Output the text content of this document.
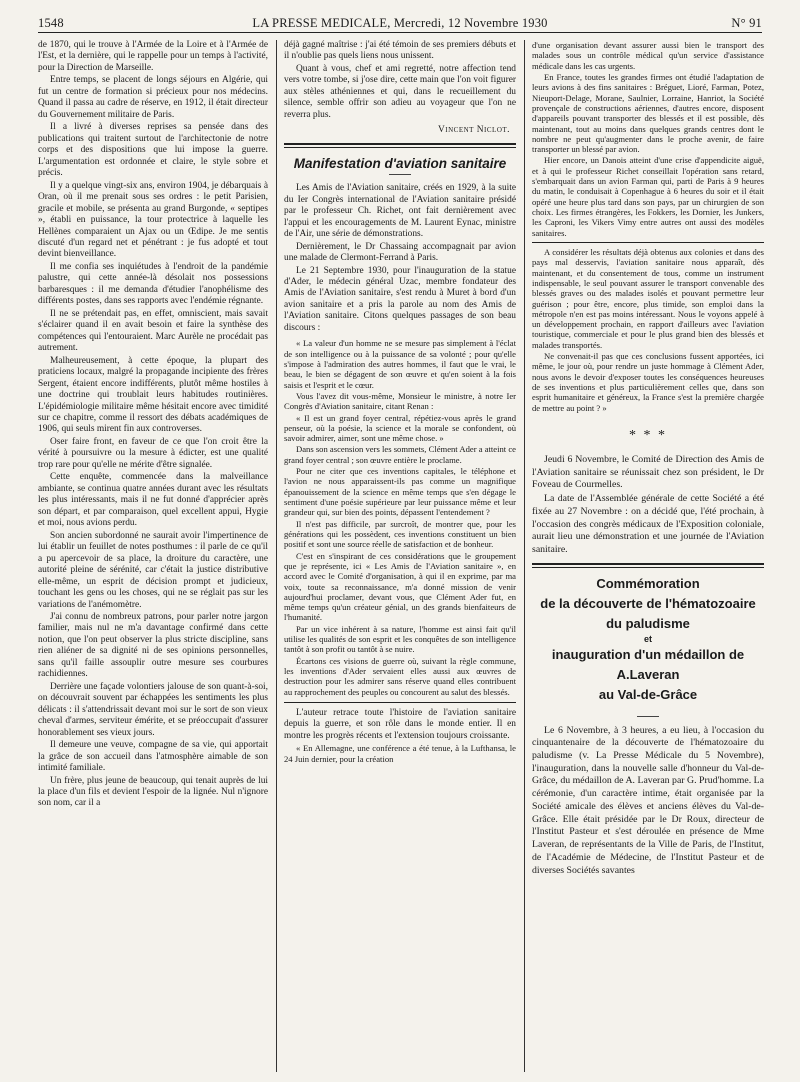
1548	LA PRESSE MEDICALE, Mercredi, 12 Novembre 1930	N° 91

de 1870, qui le trouve à l'Armée de la Loire et à l'Armée de l'Est, et la dernière, qui le rappelle pour un temps à l'activité, pour la Direction de Marseille.

Entre temps, se placent de longs séjours en Algérie, qui fut un centre de formation si précieux pour nos médecins. Quand il passa au cadre de réserve, en 1912, il était directeur du Gouvernement militaire de Paris.

Il a livré à diverses reprises sa pensée dans des publications qui traitent surtout de l'architectonie de notre corps et des dispositions que lui impose la guerre. L'argumentation est ordonnée et claire, le style sobre et précis.

Il y a quelque vingt-six ans, environ 1904, je débarquais à Oran, où il me prenait sous ses ordres : le petit Parisien, gracile et mobile, se présenta au grand Burgonde, « septipes », établi en puissance, la tour protectrice à laquelle les Hellènes comparaient un Ajax ou un Œdipe. Je me sentis discuté d'un regard net et pénétrant : je fus adopté et tout devint bienveillance.

Il me confia ses inquiétudes à l'endroit de la pandémie palustre, qui cette année-là désolait nos possessions barbaresques : il me demanda d'étudier l'anophélisme des différents postes, dans ses rapports avec l'endémie régnante.

Il ne se prétendait pas, en effet, omniscient, mais savait s'éclairer quand il en avait besoin et faire la synthèse des compétences qui l'entouraient. Marc Aurèle ne procédait pas autrement.

Malheureusement, à cette époque, la plupart des praticiens locaux, malgré la propagande incipiente des frères Sergent, étaient encore indifférents, plutôt même hostiles à une doctrine qui troublait leurs habitudes routinières. L'épidémiologie militaire même hésitait encore avec timidité sur ce chapitre, comme il ressort des débats académiques de 1906, qui seuls mirent fin aux controverses.

Oser faire front, en faveur de ce que l'on croit être la vérité à poursuivre ou la mesure à édicter, est une qualité trop rare pour qu'elle ne mérite d'être signalée.

Cette enquête, commencée dans la malveillance ambiante, se continua quatre années durant avec les résultats les plus intéressants, mais il ne fut donné d'apprécier après son départ, et par comparaison, quel excellent appui, Hygie et moi, nous avions perdu.

Son ancien subordonné ne saurait avoir l'impertinence de lui établir un feuillet de notes posthumes : il parle de ce qu'il a pu apercevoir de sa place, la droiture du caractère, une autorité pleine de sérénité, car c'était la justice distributive elle-même, un esprit de décision prompt et judicieux, touchant les gens ou les choses, qui ne se réglait pas sur les variations de l'anémomètre.

J'ai connu de nombreux patrons, pour parler notre jargon familier, mais nul ne m'a davantage confirmé dans cette notion, que l'on peut observer la plus stricte discipline, sans rien aliéner de sa dignité ni de ses opinions personnelles, sans qu'il faille assouplir outre mesure ses courbures rachidiennes.

Derrière une façade volontiers jalouse de son quant-à-soi, on découvrait souvent par échappées les sentiments les plus délicats : il s'attendrissait devant moi sur le sort de son vieux cheval d'armes, serviteur émérite, et se préoccupait d'assurer honorablement ses vieux jours.

Il demeure une veuve, compagne de sa vie, qui apportait la grâce de son accueil dans l'atmosphère aimable de son intimité familiale.

Un frère, plus jeune de beaucoup, qui tenait auprès de lui la place d'un fils et devient l'espoir de la lignée. Nul n'ignore son nom, car il a

déjà gagné maîtrise : j'ai été témoin de ses premiers débuts et il n'oublie pas quels liens nous unissent.

Quant à vous, chef et ami regretté, notre affection tend vers votre tombe, si j'ose dire, cette main que l'on voit figurer aux stèles athéniennes et qui, dans le recueillement du silence, semble offrir son adieu au voyageur que l'on ne reverra plus.

Vincent Niclot.
Manifestation d'aviation sanitaire

Les Amis de l'Aviation sanitaire, créés en 1929, à la suite du Ier Congrès international de l'Aviation sanitaire présidé par le professeur Ch. Richet, ont fait dernièrement avec l'appui et les encouragements de M. Laurent Eynac, ministre de l'Air, une série de démonstrations.

Dernièrement, le Dr Chassaing accompagnait par avion une malade de Clermont-Ferrand à Paris.

Le 21 Septembre 1930, pour l'inauguration de la statue d'Ader, le médecin général Uzac, membre fondateur des Amis de l'Aviation sanitaire, s'est rendu à Muret à bord d'un avion sanitaire et a pris la parole au nom des Amis de l'Aviation sanitaire. Citons quelques passages de son beau discours :

« La valeur d'un homme ne se mesure pas simplement à l'éclat de son intelligence ou à la puissance de sa volonté ; pour qu'elle s'impose à l'admiration des autres hommes, il faut que le vrai, le beau, le bien se dégagent de son œuvre et qu'en soient à la fois saisis et l'esprit et le cœur.

Vous l'avez dit vous-même, Monsieur le ministre, à notre Ier Congrès d'Aviation sanitaire, citant Renan :

« Il est un grand foyer central, répétiez-vous après le grand penseur, où la poésie, la science et la morale se confondent, où savoir admirer, aimer, sont une même chose. »

Dans son ascension vers les sommets, Clément Ader a atteint ce grand foyer central ; son œuvre entière le proclame.

Pour ne citer que ces inventions capitales, le téléphone et l'avion ne nous apparaissent-ils pas comme un magnifique épanouissement de la science en même temps que s'en dégage le sentiment d'une poésie supérieure par leur puissance même et leur grandeur qui, sur bien des points, dépassent l'entendement ?

Il n'est pas difficile, par surcroît, de montrer que, pour les générations qui les possèdent, ces inventions constituent un bien positif et sont une source réelle de satisfaction et de bonheur.

C'est en s'inspirant de ces considérations que le groupement que je représente, ici « Les Amis de l'Aviation sanitaire », en accord avec le Comité d'organisation, à qui il en exprime, par ma voix, toute sa reconnaissance, m'a donné mission de venir aujourd'hui proclamer, devant vous, que Clément Ader fut, en même temps qu'un créateur génial, un des grands bienfaiteurs de l'humanité.

Par un vice inhérent à sa nature, l'homme est ainsi fait qu'il utilise les qualités de son esprit et les conquêtes de son intelligence tantôt à son profit ou tantôt à se nuire.

Écartons ces visions de guerre où, suivant la règle commune, les inventions d'Ader servaient elles aussi aux œuvres de destruction pour les admirer sans réserve quand elles contribuent au rapprochement des peuples ou concourent au salut des blessés.

L'auteur retrace toute l'histoire de l'aviation sanitaire depuis la guerre, et son rôle dans le monde entier. Il en montre les progrès récents et l'extension toujours croissante.

« En Allemagne, une conférence a été tenue, à la Lufthansa, le 24 Juin dernier, pour la création

d'une organisation devant assurer aussi bien le transport des malades sous un contrôle médical qu'un service d'assistance médicale dans les cas urgents.

En France, toutes les grandes firmes ont étudié l'adaptation de leurs avions à des fins sanitaires : Bréguet, Lioré, Farman, Potez, Nieuport-Delage, Morane, Saulnier, Lorraine, Hanriot, la Société provençale de constructions aériennes, d'autres encore, disposent d'appareils pouvant transporter des blessés et il est possible, dès maintenant, tout au moins dans quelques grands centres dont le nombre ne peut qu'augmenter dans le proche avenir, de faire transporter un blessé par avion.

Hier encore, un Danois atteint d'une crise d'appendicite aiguë, et à qui le professeur Richet conseillait l'opération sans retard, s'embarquait dans un avion Farman qui, parti de Paris à 9 heures du matin, le conduisait à Copenhague à 6 heures du soir et il était opéré une heure plus tard dans son pays, par un chirurgien de son choix. Les firmes étrangères, les Fokkers, les Dornier, les Junkers, les Caproni, les Vikers Vimy entre autres ont aussi des modèles sanitaires.

A considérer les résultats déjà obtenus aux colonies et dans des pays mal desservis, l'aviation sanitaire nous apparaît, dès maintenant, et du consentement de tous, comme un instrument indispensable, le seul pouvant assurer le transport convenable des blessés graves ou des malades isolés et pouvant permettre leur guérison ; pour être, encore, plus timide, son emploi dans la métropole n'en est pas moins intéressant. Nous le voyons appelé à un développement prochain, en rapport d'ailleurs avec l'aviation touristique, commerciale et pour le plus grand bien des blessés et malades transportés.

Ne convenait-il pas que ces conclusions fussent apportées, ici même, le jour où, pour rendre un juste hommage à Clément Ader, nous avons le devoir d'exposer toutes les conséquences heureuses de ses inventions et plus particulièrement celles que, dans son esprit humanitaire et généreux, la France s'est la première chargée de mettre au point ? »

* * *

Jeudi 6 Novembre, le Comité de Direction des Amis de l'Aviation sanitaire se réunissait chez son président, le Dr Foveau de Courmelles.

La date de l'Assemblée générale de cette Société a été fixée au 27 Novembre : on a décidé que, l'été prochain, à l'occasion des congrès médicaux de l'Exposition coloniale, aurait lieu une démonstration et une journée de l'Aviation sanitaire.

Commémoration
de la découverte de l'hématozoaire
du paludisme
et
inauguration d'un médaillon de A.Laveran
au Val-de-Grâce

Le 6 Novembre, à 3 heures, a eu lieu, à l'occasion du cinquantenaire de la découverte de l'hématozoaire du paludisme (v. La Presse Médicale du 5 Novembre), l'inauguration, dans la nouvelle salle d'honneur du Val-de-Grâce, du médaillon de A. Laveran par G. Prud'homme. La cérémonie, d'un caractère intime, était organisée par la Société amicale des élèves et anciens élèves du Val-de-Grâce. Elle était présidée par le Dr Roux, directeur de l'Institut Pasteur et s'est déroulée en présence de Mme Laveran, de représentants de la Ville de Paris, de l'Institut, de l'Académie de Médecine, de l'Institut Pasteur et de diverses Sociétés savantes
